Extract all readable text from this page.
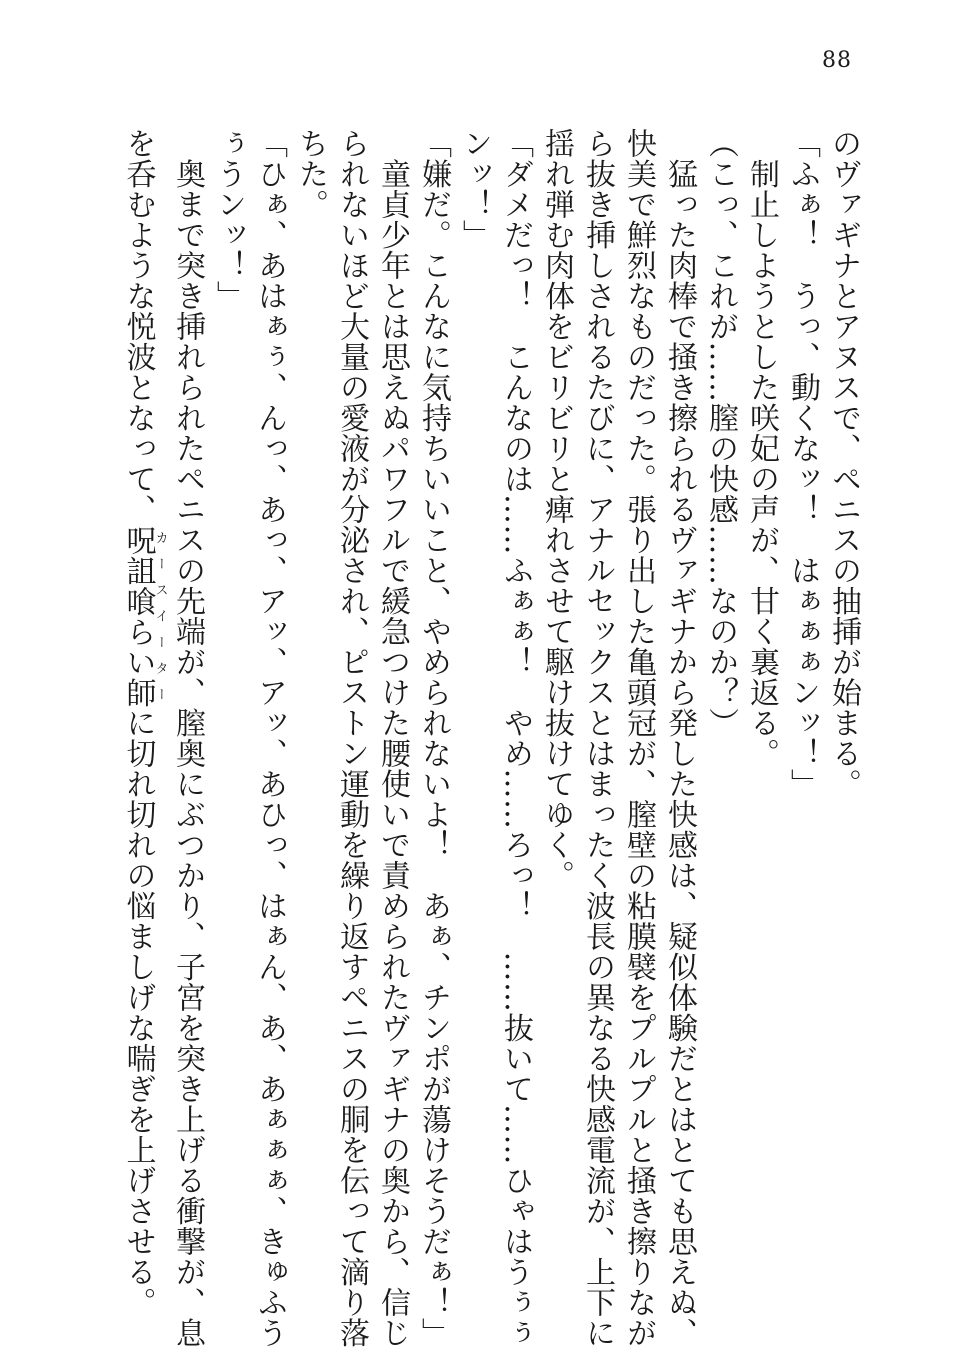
88
のヴァギナとアヌスで、ペニスの抽挿が始まる。
「ふぁ！　うっ、動くなッ！　はぁぁぁンッ！」
　制止しようとした咲妃の声が、甘く裏返る。
（こっ、これが……膣の快感……なのか？）
　猛った肉棒で掻き擦られるヴァギナから発した快感は、疑似体験だとはとても思えぬ、
快美で鮮烈なものだった。張り出した亀頭冠が、膣壁の粘膜襞をプルプルと掻き擦りなが
ら抜き挿しされるたびに、アナルセックスとはまったく波長の異なる快感電流が、上下に
揺れ弾む肉体をビリビリと痺れさせて駆け抜けてゆく。
「ダメだっ！　こんなのは……ふぁぁ！　やめ……ろっ！　……抜いて……ひゃはうぅぅ
ンッ！」
「嫌だ。こんなに気持ちいいこと、やめられないよ！　あぁ、チンポが蕩けそうだぁ！」
　童貞少年とは思えぬパワフルで緩急つけた腰使いで責められたヴァギナの奥から、信じ
られないほど大量の愛液が分泌され、ピストン運動を繰り返すペニスの胴を伝って滴り落
ちた。
「ひぁ、あはぁぅ、んっ、あっ、アッ、アッ、あひっ、はぁん、あ、あぁぁぁ、きゅふう
ぅうンッ！」
　奥まで突き挿れられたペニスの先端が、膣奥にぶつかり、子宮を突き上げる衝撃が、息
を呑むような悦波となって、呪詛喰らい師カースイーターに切れ切れの悩ましげな喘ぎを上げさせる。
